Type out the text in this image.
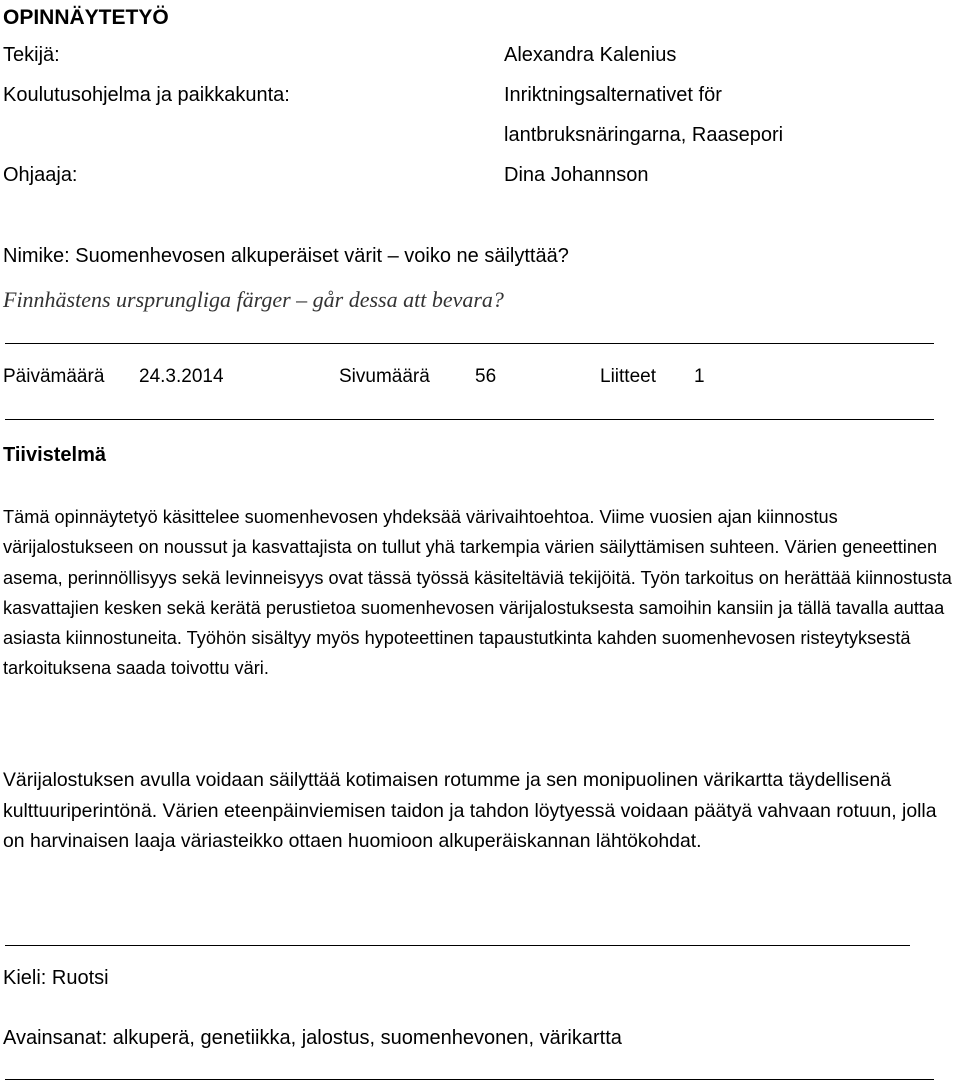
OPINNÄYTETYÖ
Tekijä:	Alexandra Kalenius
Koulutusohjelma ja paikkakunta:	Inriktningsalternativet för
lantbruksnäringarna, Raasepori
Ohjaaja:	Dina Johannson
Nimike: Suomenhevosen alkuperäiset värit – voiko ne säilyttää?
Finnhästens ursprungliga färger – går dessa att bevara?
Päivämäärä 24.3.2014	Sivumäärä 56	Liitteet 1
Tiivistelmä
Tämä opinnäytetyö käsittelee suomenhevosen yhdeksää värivaihtoehtoa. Viime vuosien ajan kiinnostus värijalostukseen on noussut ja kasvattajista on tullut yhä tarkempia värien säilyttämisen suhteen. Värien geneettinen asema, perinnöllisyys sekä levinneisyys ovat tässä työssä käsiteltäviä tekijöitä. Työn tarkoitus on herättää kiinnostusta kasvattajien kesken sekä kerätä perustietoa suomenhevosen värijalostuksesta samoihin kansiin ja tällä tavalla auttaa asiasta kiinnostuneita. Työhön sisältyy myös hypoteettinen tapaustutkinta kahden suomenhevosen risteytyksestä tarkoituksena saada toivottu väri.
Värijalostuksen avulla voidaan säilyttää kotimaisen rotumme ja sen monipuolinen värikartta täydellisenä kulttuuriperintönä. Värien eteenpäinviemisen taidon ja tahdon löytyessä voidaan päätyä vahvaan rotuun, jolla on harvinaisen laaja väriasteikko ottaen huomioon alkuperäiskannan lähtökohdat.
Kieli: Ruotsi
Avainsanat: alkuperä, genetiikka, jalostus, suomenhevonen, värikartta
